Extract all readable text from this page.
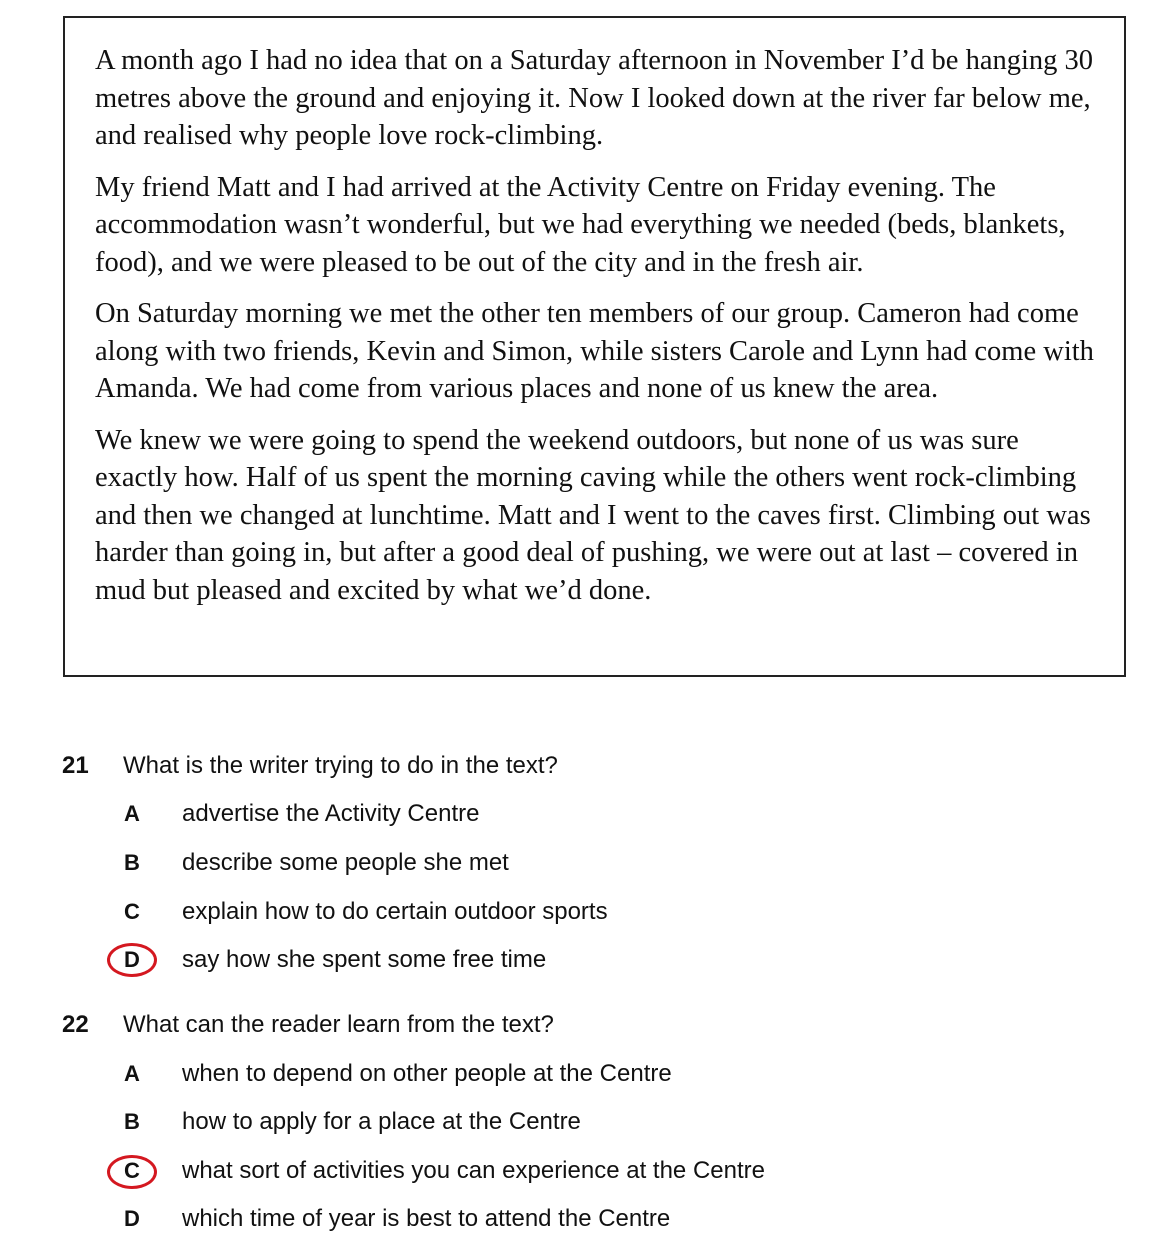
A month ago I had no idea that on a Saturday afternoon in November I’d be hanging 30 metres above the ground and enjoying it. Now I looked down at the river far below me, and realised why people love rock-climbing.

My friend Matt and I had arrived at the Activity Centre on Friday evening. The accommodation wasn’t wonderful, but we had everything we needed (beds, blankets, food), and we were pleased to be out of the city and in the fresh air.

On Saturday morning we met the other ten members of our group. Cameron had come along with two friends, Kevin and Simon, while sisters Carole and Lynn had come with Amanda. We had come from various places and none of us knew the area.

We knew we were going to spend the weekend outdoors, but none of us was sure exactly how. Half of us spent the morning caving while the others went rock-climbing and then we changed at lunchtime. Matt and I went to the caves first. Climbing out was harder than going in, but after a good deal of pushing, we were out at last – covered in mud but pleased and excited by what we’d done.

21 What is the writer trying to do in the text?
A	advertise the Activity Centre
B	describe some people she met
C	explain how to do certain outdoor sports
D	say how she spent some free time
22 What can the reader learn from the text?
A	when to depend on other people at the Centre
B	how to apply for a place at the Centre
C	what sort of activities you can experience at the Centre
D	which time of year is best to attend the Centre
